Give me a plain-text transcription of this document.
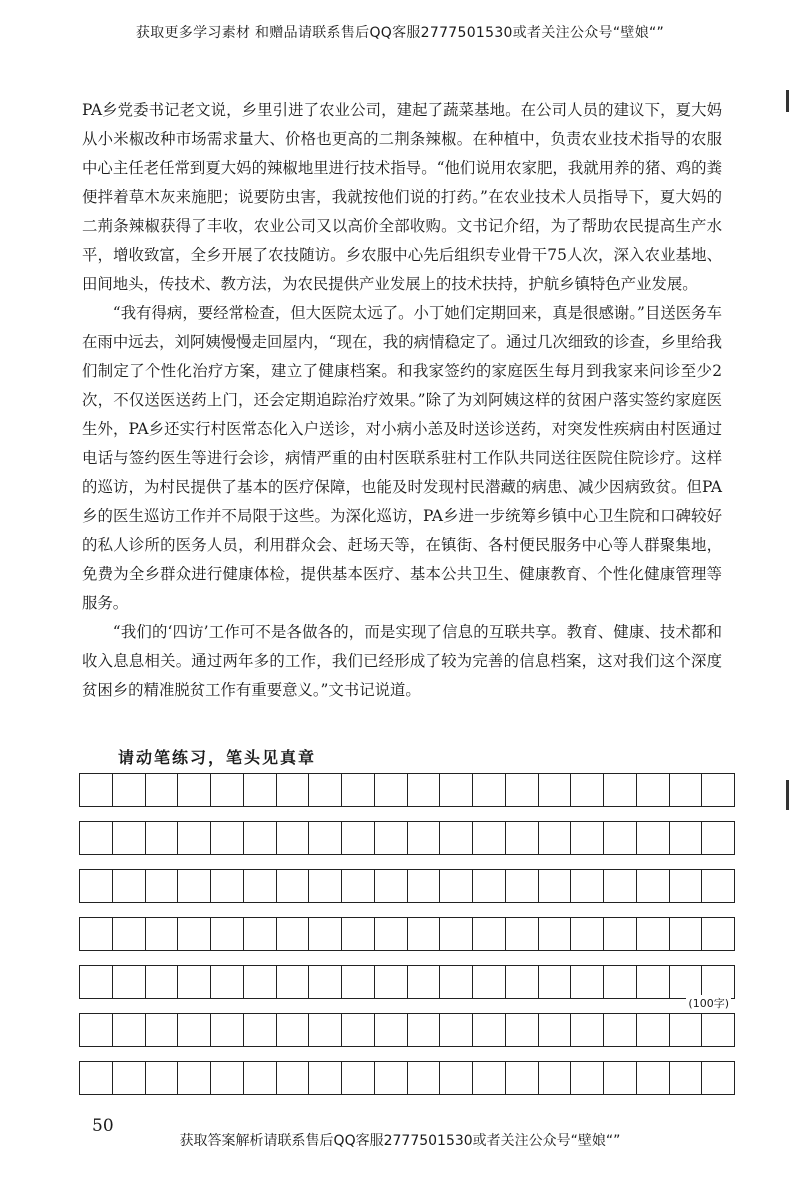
获取更多学习素材 和赠品请联系售后QQ客服2777501530或者关注公众号“壁娘“”

PA乡党委书记老文说，乡里引进了农业公司，建起了蔬菜基地。在公司人员的建议下，夏大妈从小米椒改种市场需求量大、价格也更高的二荆条辣椒。在种植中，负责农业技术指导的农服中心主任老任常到夏大妈的辣椒地里进行技术指导。“他们说用农家肥，我就用养的猪、鸡的粪便拌着草木灰来施肥；说要防虫害，我就按他们说的打药。”在农业技术人员指导下，夏大妈的二荊条辣椒获得了丰收，农业公司又以高价全部收购。文书记介绍，为了帮助农民提高生产水平，增收致富，全乡开展了农技随访。乡农服中心先后组织专业骨干75人次，深入农业基地、田间地头，传技术、教方法，为农民提供产业发展上的技术扶持，护航乡镇特色产业发展。

“我有得病，要经常检查，但大医院太远了。小丁她们定期回来，真是很感谢。”目送医务车在雨中远去，刘阿姨慢慢走回屋内，“现在，我的病情稳定了。通过几次细致的诊查，乡里给我们制定了个性化治疗方案，建立了健康档案。和我家签约的家庭医生每月到我家来问诊至少2次，不仅送医送药上门，还会定期追踪治疗效果。”除了为刘阿姨这样的贫困户落实签约家庭医生外，PA乡还实行村医常态化入户送诊，对小病小恙及时送诊送药，对突发性疾病由村医通过电话与签约医生等进行会诊，病情严重的由村医联系驻村工作队共同送往医院住院诊疗。这样的巡访，为村民提供了基本的医疗保障，也能及时发现村民潜藏的病患、减少因病致贫。但PA乡的医生巡访工作并不局限于这些。为深化巡访，PA乡进一步统筹乡镇中心卫生院和口碑较好的私人诊所的医务人员，利用群众会、赶场天等，在镇街、各村便民服务中心等人群聚集地，免费为全乡群众进行健康体检，提供基本医疗、基本公共卫生、健康教育、个性化健康管理等服务。

“我们的‘四访’工作可不是各做各的，而是实现了信息的互联共享。教育、健康、技术都和收入息息相关。通过两年多的工作，我们已经形成了较为完善的信息档案，这对我们这个深度贫困乡的精准脱贫工作有重要意义。”文书记说道。

请动笔练习，笔头见真章
(100字)
50
获取答案解析请联系售后QQ客服2777501530或者关注公众号“壁娘“”
